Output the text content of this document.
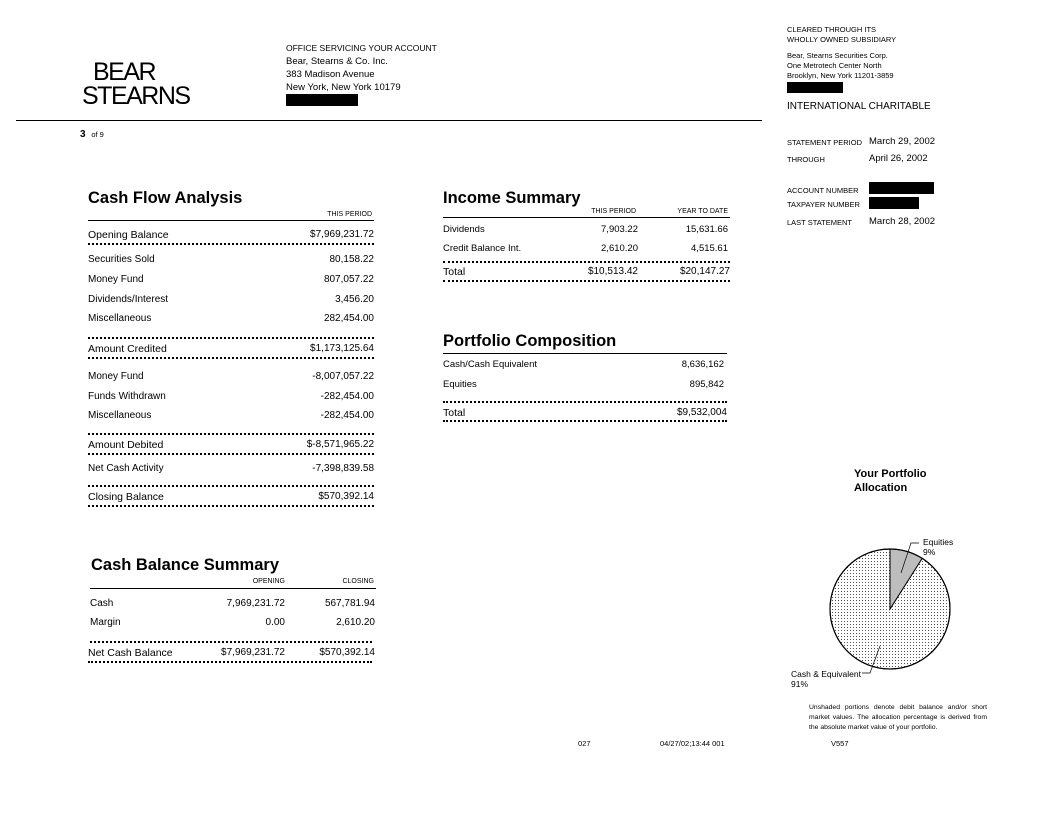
BEAR
STEARNS
OFFICE SERVICING YOUR ACCOUNT
Bear, Stearns & Co. Inc.
383 Madison Avenue
New York, New York 10179
3 of 9
CLEARED THROUGH ITS
WHOLLY OWNED SUBSIDIARY
Bear, Stearns Securities Corp.
One Metrotech Center North
Brooklyn, New York 11201-3859
INTERNATIONAL CHARITABLE
STATEMENT PERIOD March 29, 2002
THROUGH	April 26, 2002
ACCOUNT NUMBER
TAXPAYER NUMBER
LAST STATEMENT March 28, 2002
Cash Flow Analysis
THIS PERIOD
Opening Balance	$7,969,231.72
Securities Sold	80,158.22
Money Fund	807,057.22
Dividends/Interest	3,456.20
Miscellaneous	282,454.00
Amount Credited	$1,173,125.64
Money Fund	-8,007,057.22
Funds Withdrawn	-282,454.00
Miscellaneous	-282,454.00
Amount Debited	$-8,571,965.22
Net Cash Activity	-7,398,839.58
Closing Balance	$570,392.14
Income Summary
THIS PERIOD	YEAR TO DATE
Dividends	7,903.22	15,631.66
Credit Balance Int.	2,610.20	4,515.61
Total	$10,513.42	$20,147.27
Portfolio Composition
Cash/Cash Equivalent	8,636,162
Equities	895,842
Total	$9,532,004
Cash Balance Summary
OPENING	CLOSING
Cash	7,969,231.72	567,781.94
Margin	0.00	2,610.20
Net Cash Balance	$7,969,231.72	$570,392.14
Your Portfolio
Allocation
Equities
9%
Cash & Equivalent
91%
Unshaded portions denote debit balance and/or short market values. The allocation percentage is derived from the absolute market value of your portfolio.
027	04/27/02;13:44 001	V557
